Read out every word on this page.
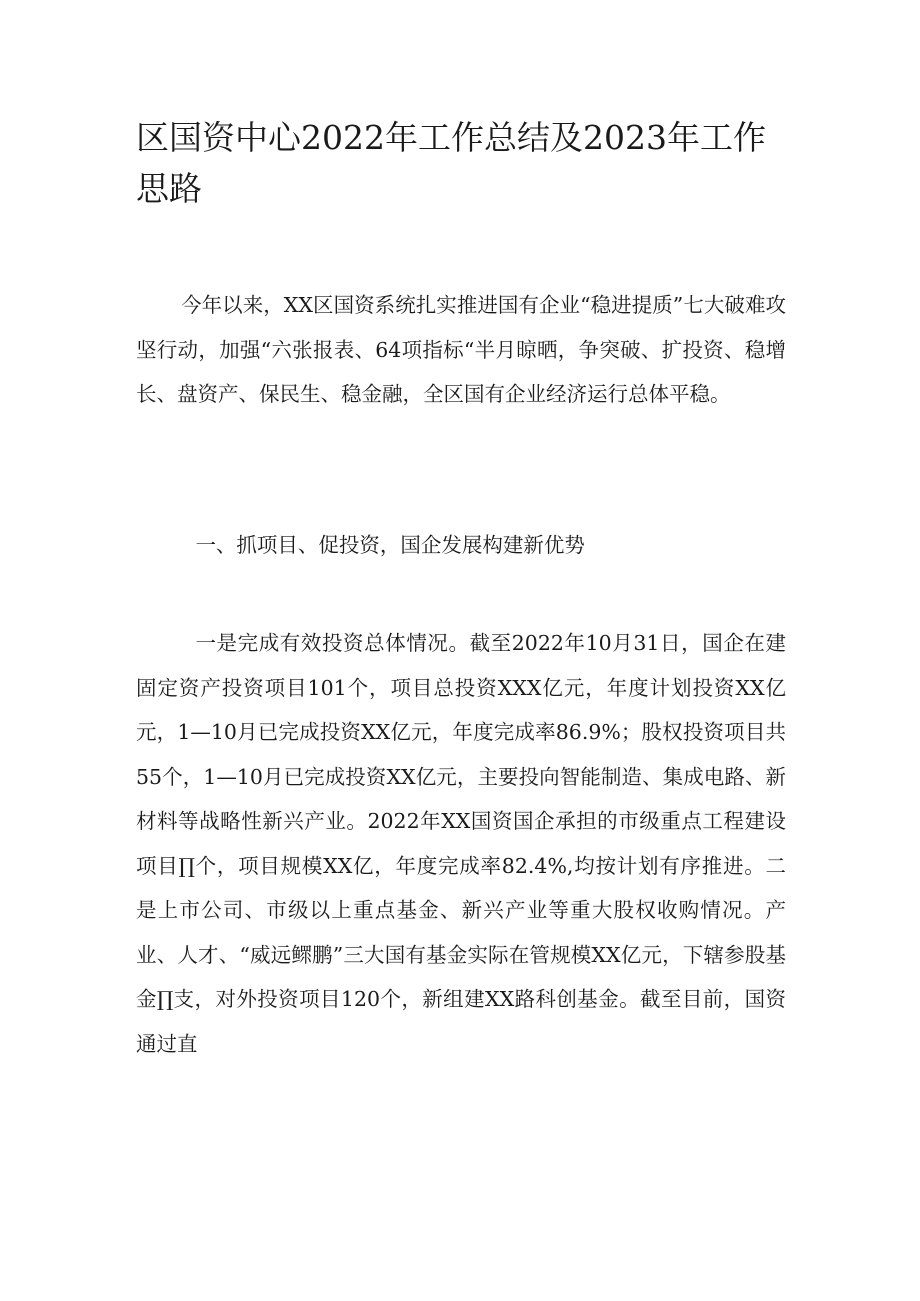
区国资中心2022年工作总结及2023年工作思路

今年以来，XX区国资系统扎实推进国有企业“稳进提质”七大破难攻坚行动，加强“六张报表、64项指标“半月晾晒，争突破、扩投资、稳增长、盘资产、保民生、稳金融，全区国有企业经济运行总体平稳。

一、抓项目、促投资，国企发展构建新优势

一是完成有效投资总体情况。截至2022年10月31日，国企在建固定资产投资项目101个，项目总投资XXX亿元，年度计划投资XX亿元，1—10月已完成投资XX亿元，年度完成率86.9%；股权投资项目共55个，1—10月已完成投资XX亿元，主要投向智能制造、集成电路、新材料等战略性新兴产业。2022年XX国资国企承担的市级重点工程建设项目∏个，项目规模XX亿，年度完成率82.4%,均按计划有序推进。二是上市公司、市级以上重点基金、新兴产业等重大股权收购情况。产业、人才、“威远鳏鹏”三大国有基金实际在管规模XX亿元，下辖参股基金∏支，对外投资项目120个，新组建XX路科创基金。截至目前，国资通过直
